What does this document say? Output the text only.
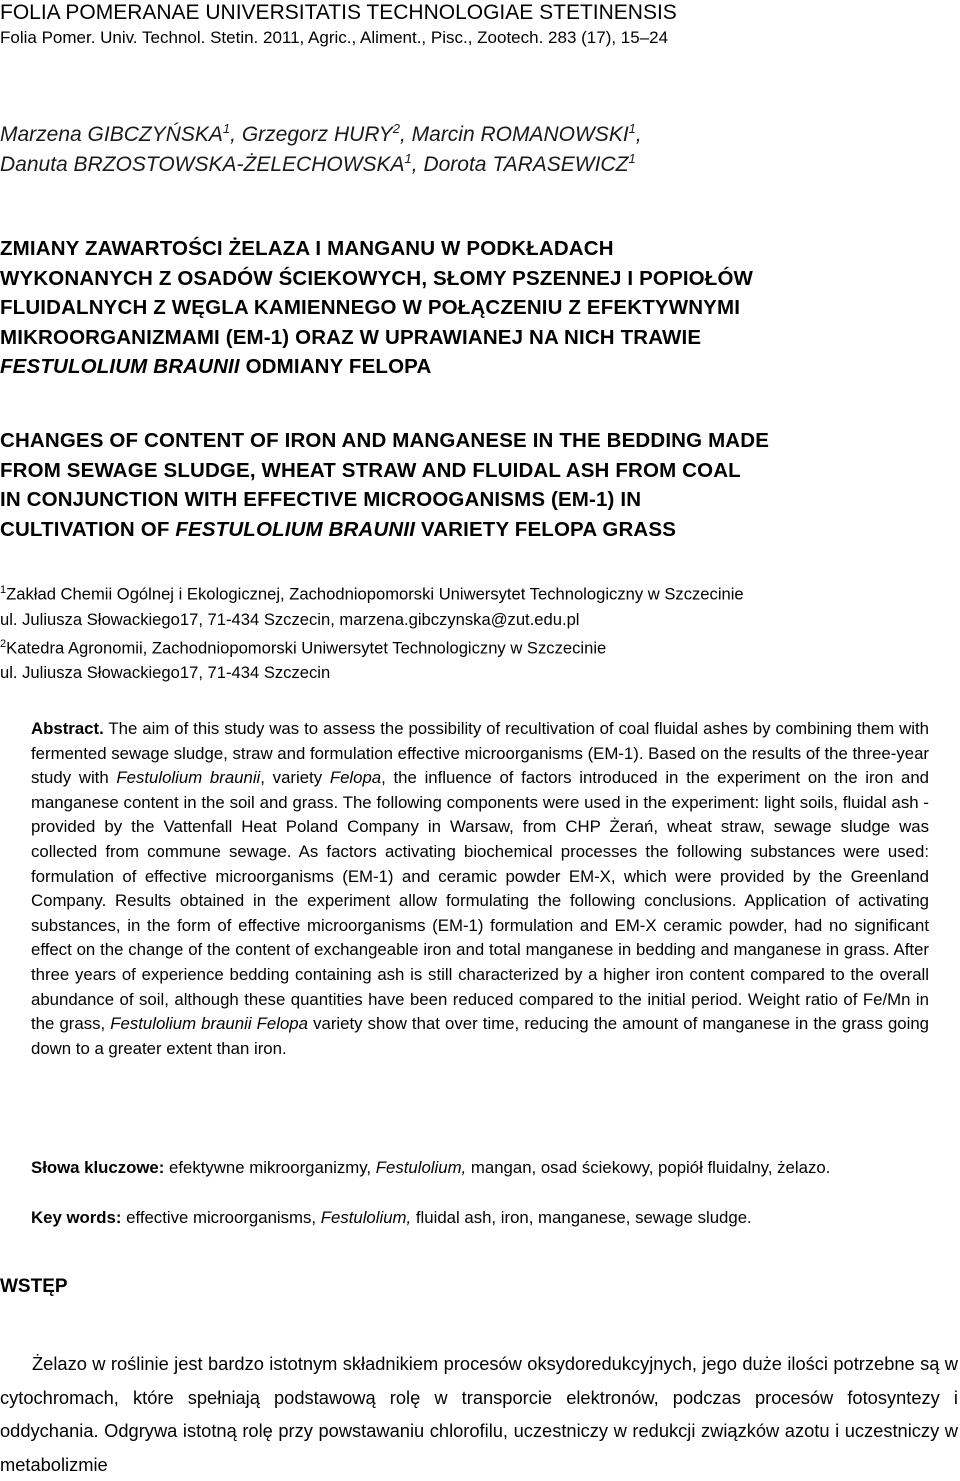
FOLIA POMERANAE UNIVERSITATIS TECHNOLOGIAE STETINENSIS
Folia Pomer. Univ. Technol. Stetin. 2011, Agric., Aliment., Pisc., Zootech. 283 (17), 15–24
Marzena GIBCZYŃSKA$^1$, Grzegorz HURY$^2$, Marcin ROMANOWSKI$^1$,
Danuta BRZOSTOWSKA-ŻELECHOWSKA$^1$, Dorota TARASEWICZ$^1$

ZMIANY ZAWARTOŚCI ŻELAZA I MANGANU W PODKŁADACH

WYKONANYCH Z OSADÓW ŚCIEKOWYCH, SŁOMY PSZENNEJ I POPIOŁÓW

FLUIDALNYCH Z WĘGLA KAMIENNEGO W POŁĄCZENIU Z EFEKTYWNYMI

MIKROORGANIZMAMI (EM-1) ORAZ W UPRAWIANEJ NA NICH TRAWIE

FESTULOLIUM BRAUNII ODMIANY FELOPA

CHANGES OF CONTENT OF IRON AND MANGANESE IN THE BEDDING MADE

FROM SEWAGE SLUDGE, WHEAT STRAW AND FLUIDAL ASH FROM COAL

IN CONJUNCTION WITH EFFECTIVE MICROOGANISMS (EM-1) IN

CULTIVATION OF FESTULOLIUM BRAUNII VARIETY FELOPA GRASS

$^1$Zakład Chemii Ogólnej i Ekologicznej, Zachodniopomorski Uniwersytet Technologiczny w Szczecinie

ul. Juliusza Słowackiego17, 71-434 Szczecin, marzena.gibczynska@zut.edu.pl

$^2$Katedra Agronomii, Zachodniopomorski Uniwersytet Technologiczny w Szczecinie

ul. Juliusza Słowackiego17, 71-434 Szczecin

Abstract. The aim of this study was to assess the possibility of recultivation of coal fluidal ashes by combining them with fermented sewage sludge, straw and formulation effective microorganisms (EM-1). Based on the results of the three-year study with Festulolium braunii, variety Felopa, the influence of factors introduced in the experiment on the iron and manganese content in the soil and grass. The following components were used in the experiment: light soils, fluidal ash - provided by the Vattenfall Heat Poland Company in Warsaw, from CHP Żerań, wheat straw, sewage sludge was collected from commune sewage. As factors activating biochemical processes the following substances were used: formulation of effective microorganisms (EM-1) and ceramic powder EM-X, which were provided by the Greenland Company. Results obtained in the experiment allow formulating the following conclusions. Application of activating substances, in the form of effective microorganisms (EM-1) formulation and EM-X ceramic powder, had no significant effect on the change of the content of exchangeable iron and total manganese in bedding and manganese in grass. After three years of experience bedding containing ash is still characterized by a higher iron content compared to the overall abundance of soil, although these quantities have been reduced compared to the initial period. Weight ratio of Fe/Mn in the grass, Festulolium braunii Felopa variety show that over time, reducing the amount of manganese in the grass going down to a greater extent than iron.
Słowa kluczowe: efektywne mikroorganizmy, Festulolium, mangan, osad ściekowy, popiół fluidalny, żelazo.
Key words: effective microorganisms, Festulolium, fluidal ash, iron, manganese, sewage sludge.
WSTĘP
Żelazo w roślinie jest bardzo istotnym składnikiem procesów oksydoredukcyjnych, jego duże ilości potrzebne są w cytochromach, które spełniają podstawową rolę w transporcie elektronów, podczas procesów fotosyntezy i oddychania. Odgrywa istotną rolę przy powstawaniu chlorofilu, uczestniczy w redukcji związków azotu i uczestniczy w metabolizmie
